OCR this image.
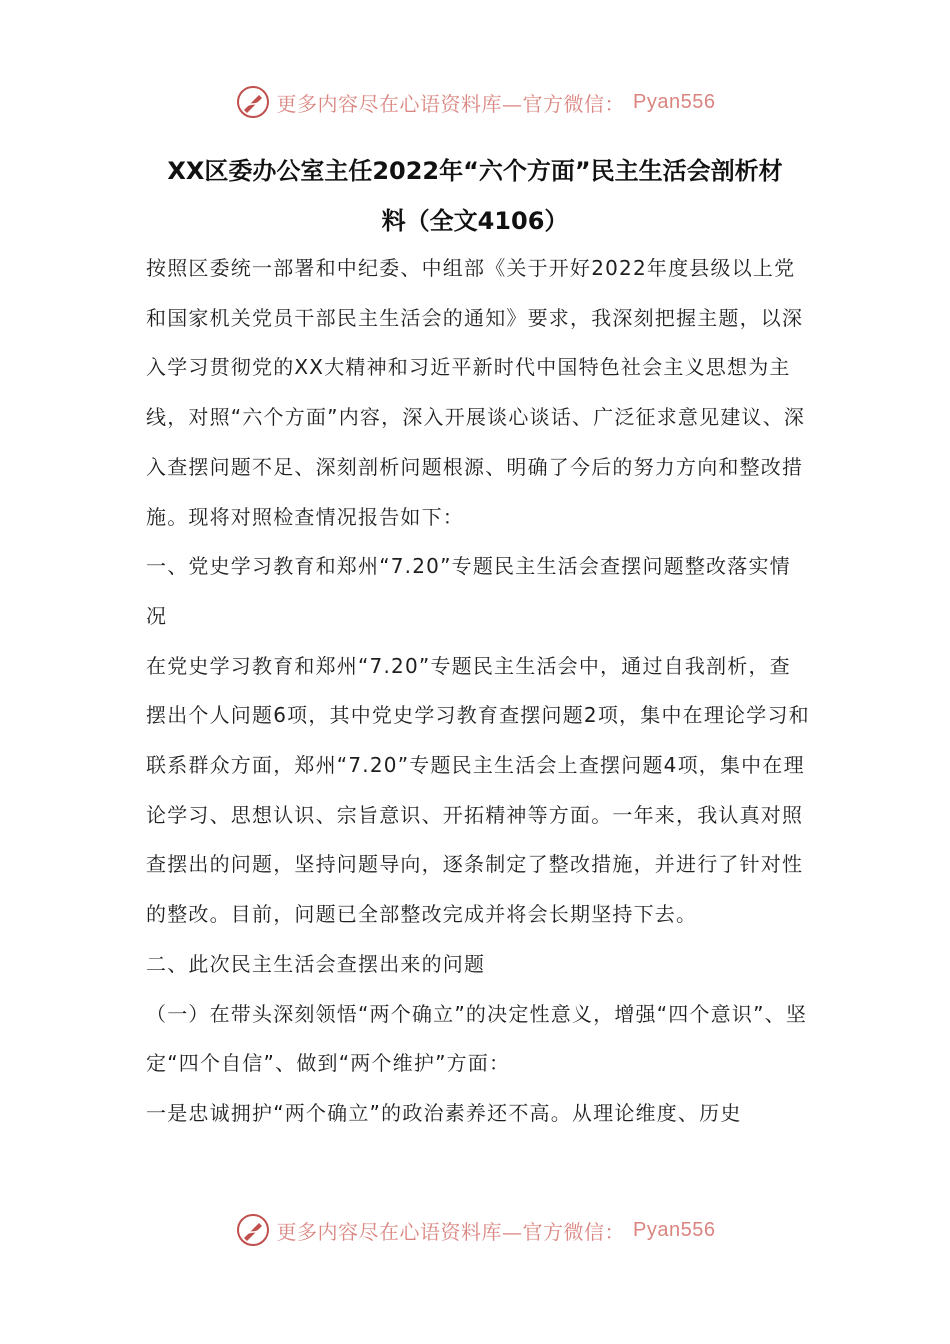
更多内容尽在心语资料库—官方微信： Pyan556
XX区委办公室主任2022年“六个方面”民主生活会剖析材
料（全文4106）

按照区委统一部署和中纪委、中组部《关于开好2022年度县级以上党和国家机关党员干部民主生活会的通知》要求，我深刻把握主题，以深入学习贯彻党的XX大精神和习近平新时代中国特色社会主义思想为主线，对照“六个方面”内容，深入开展谈心谈话、广泛征求意见建议、深入查摆问题不足、深刻剖析问题根源、明确了今后的努力方向和整改措施。现将对照检查情况报告如下：

一、党史学习教育和郑州“7.20”专题民主生活会查摆问题整改落实情况

在党史学习教育和郑州“7.20”专题民主生活会中，通过自我剖析，查摆出个人问题6项，其中党史学习教育查摆问题2项，集中在理论学习和联系群众方面，郑州“7.20”专题民主生活会上查摆问题4项，集中在理论学习、思想认识、宗旨意识、开拓精神等方面。一年来，我认真对照查摆出的问题，坚持问题导向，逐条制定了整改措施，并进行了针对性的整改。目前，问题已全部整改完成并将会长期坚持下去。

二、此次民主生活会查摆出来的问题

（一）在带头深刻领悟“两个确立”的决定性意义，增强“四个意识”、坚定“四个自信”、做到“两个维护”方面：

一是忠诚拥护“两个确立”的政治素养还不高。从理论维度、历史

更多内容尽在心语资料库—官方微信： Pyan556
